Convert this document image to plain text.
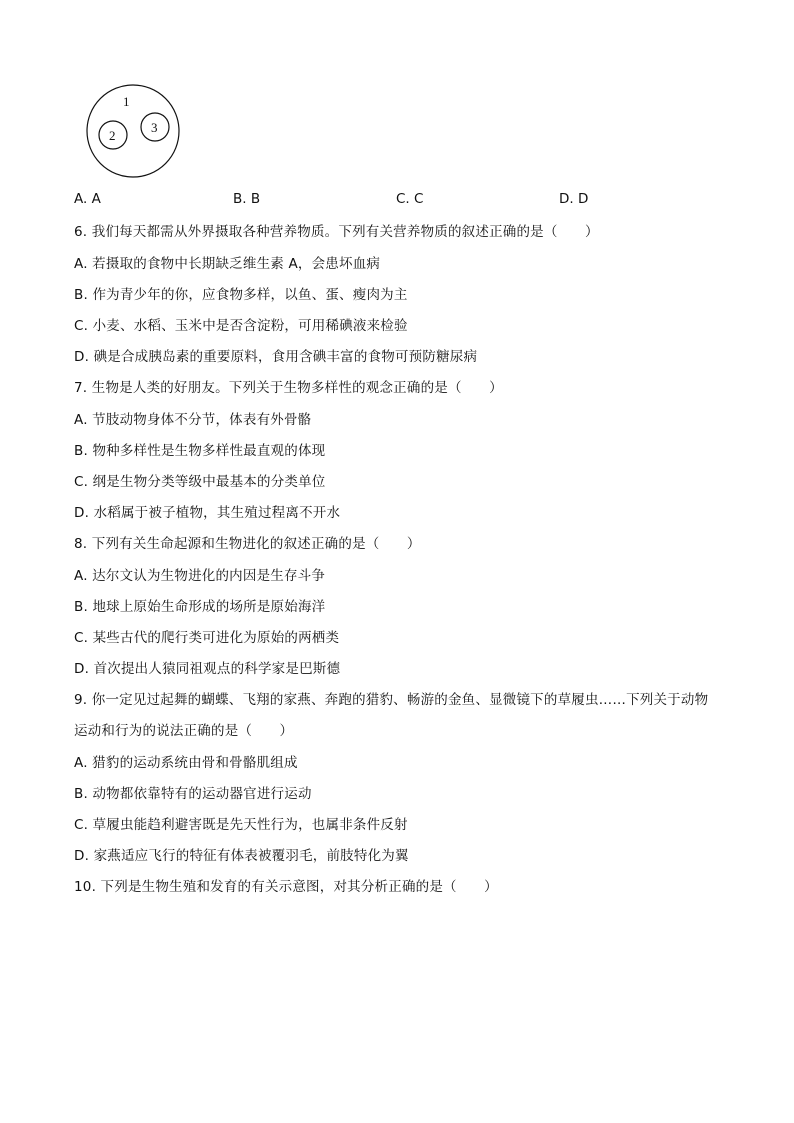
1
2
3
A. A	B. B	C. C	D. D
6. 我们每天都需从外界摄取各种营养物质。下列有关营养物质的叙述正确的是（　　）
A. 若摄取的食物中长期缺乏维生素 A，会患坏血病
B. 作为青少年的你，应食物多样，以鱼、蛋、瘦肉为主
C. 小麦、水稻、玉米中是否含淀粉，可用稀碘液来检验
D. 碘是合成胰岛素的重要原料，食用含碘丰富的食物可预防糖尿病
7. 生物是人类的好朋友。下列关于生物多样性的观念正确的是（　　）
A. 节肢动物身体不分节，体表有外骨骼
B. 物种多样性是生物多样性最直观的体现
C. 纲是生物分类等级中最基本的分类单位
D. 水稻属于被子植物，其生殖过程离不开水
8. 下列有关生命起源和生物进化的叙述正确的是（　　）
A. 达尔文认为生物进化的内因是生存斗争
B. 地球上原始生命形成的场所是原始海洋
C. 某些古代的爬行类可进化为原始的两栖类
D. 首次提出人猿同祖观点的科学家是巴斯德
9. 你一定见过起舞的蝴蝶、飞翔的家燕、奔跑的猎豹、畅游的金鱼、显微镜下的草履虫……下列关于动物
运动和行为的说法正确的是（　　）
A. 猎豹的运动系统由骨和骨骼肌组成
B. 动物都依靠特有的运动器官进行运动
C. 草履虫能趋利避害既是先天性行为，也属非条件反射
D. 家燕适应飞行的特征有体表被覆羽毛，前肢特化为翼
10. 下列是生物生殖和发育的有关示意图，对其分析正确的是（　　）
